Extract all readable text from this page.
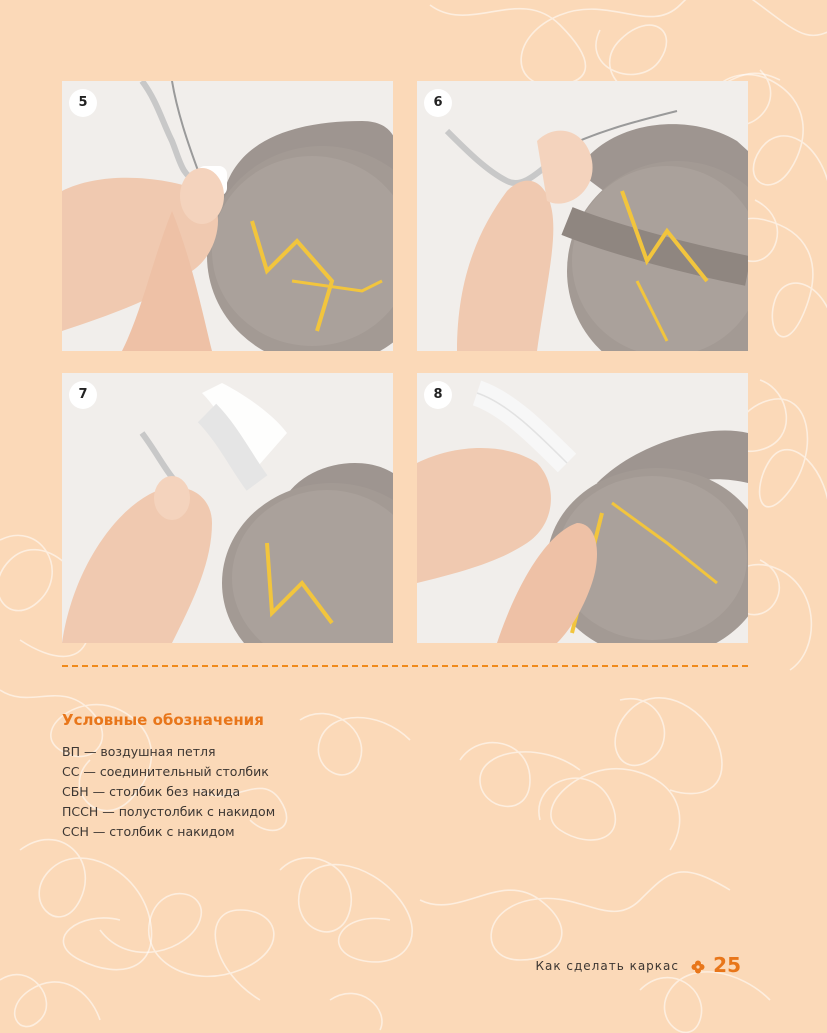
5	6
7	8
Условные обозначения
ВП — воздушная петля
СС — соединительный столбик
СБН — столбик без накида
ПССН — полустолбик с накидом
ССН — столбик с накидом
Как сделать каркас 25
